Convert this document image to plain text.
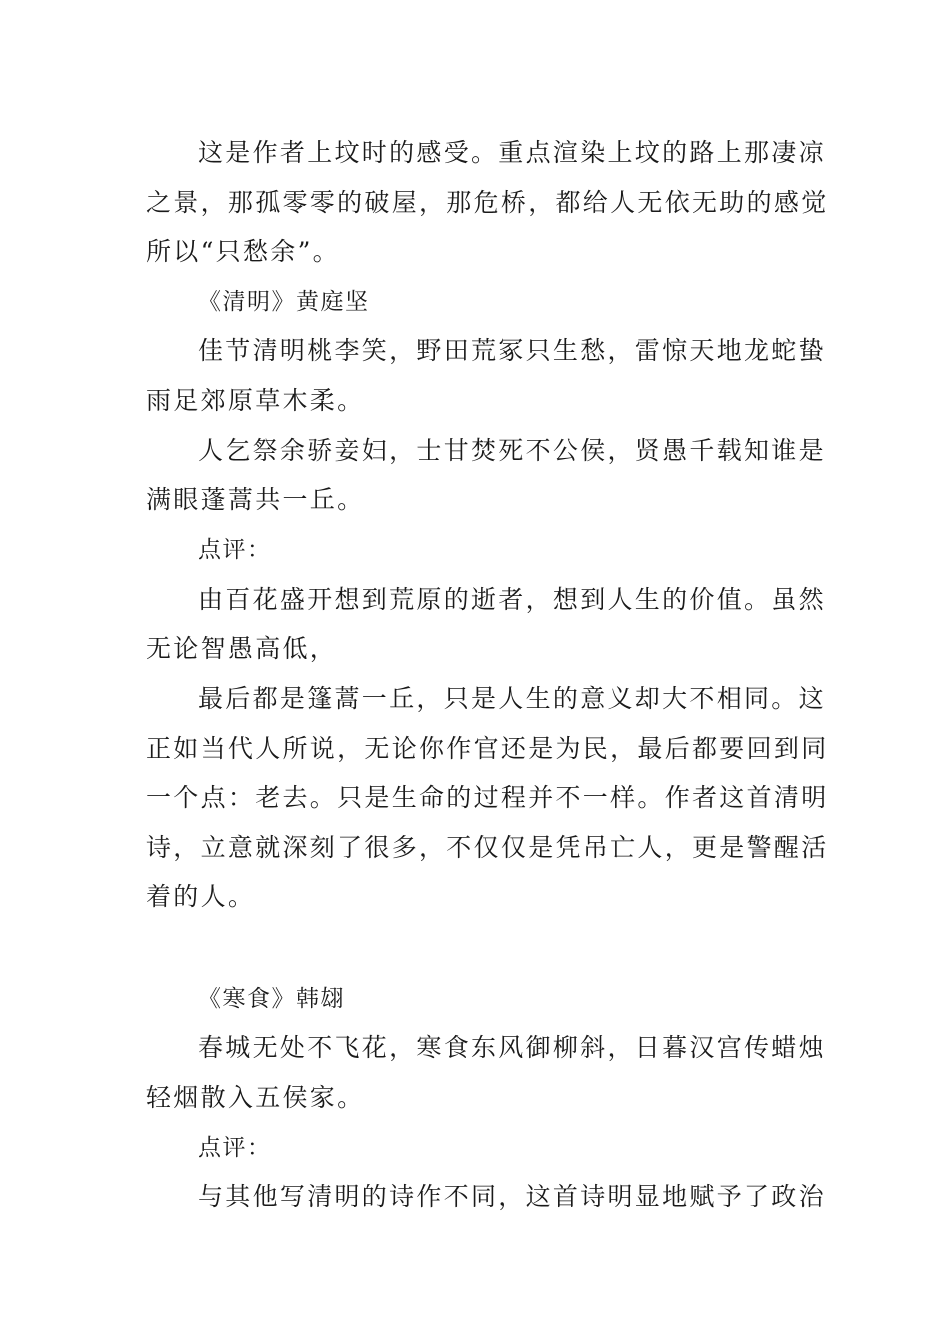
这是作者上坟时的感受。重点渲染上坟的路上那凄凉
之景，那孤零零的破屋，那危桥，都给人无依无助的感觉
所以“只愁余”。
《清明》黄庭坚
佳节清明桃李笑，野田荒冢只生愁，雷惊天地龙蛇蛰
雨足郊原草木柔。
人乞祭余骄妾妇，士甘焚死不公侯，贤愚千载知谁是
满眼蓬蒿共一丘。
点评：
由百花盛开想到荒原的逝者，想到人生的价值。虽然
无论智愚高低，
最后都是篷蒿一丘，只是人生的意义却大不相同。这
正如当代人所说，无论你作官还是为民，最后都要回到同
一个点：老去。只是生命的过程并不一样。作者这首清明
诗，立意就深刻了很多，不仅仅是凭吊亡人，更是警醒活
着的人。
《寒食》韩翃
春城无处不飞花，寒食东风御柳斜，日暮汉宫传蜡烛
轻烟散入五侯家。
点评：
与其他写清明的诗作不同，这首诗明显地赋予了政治
